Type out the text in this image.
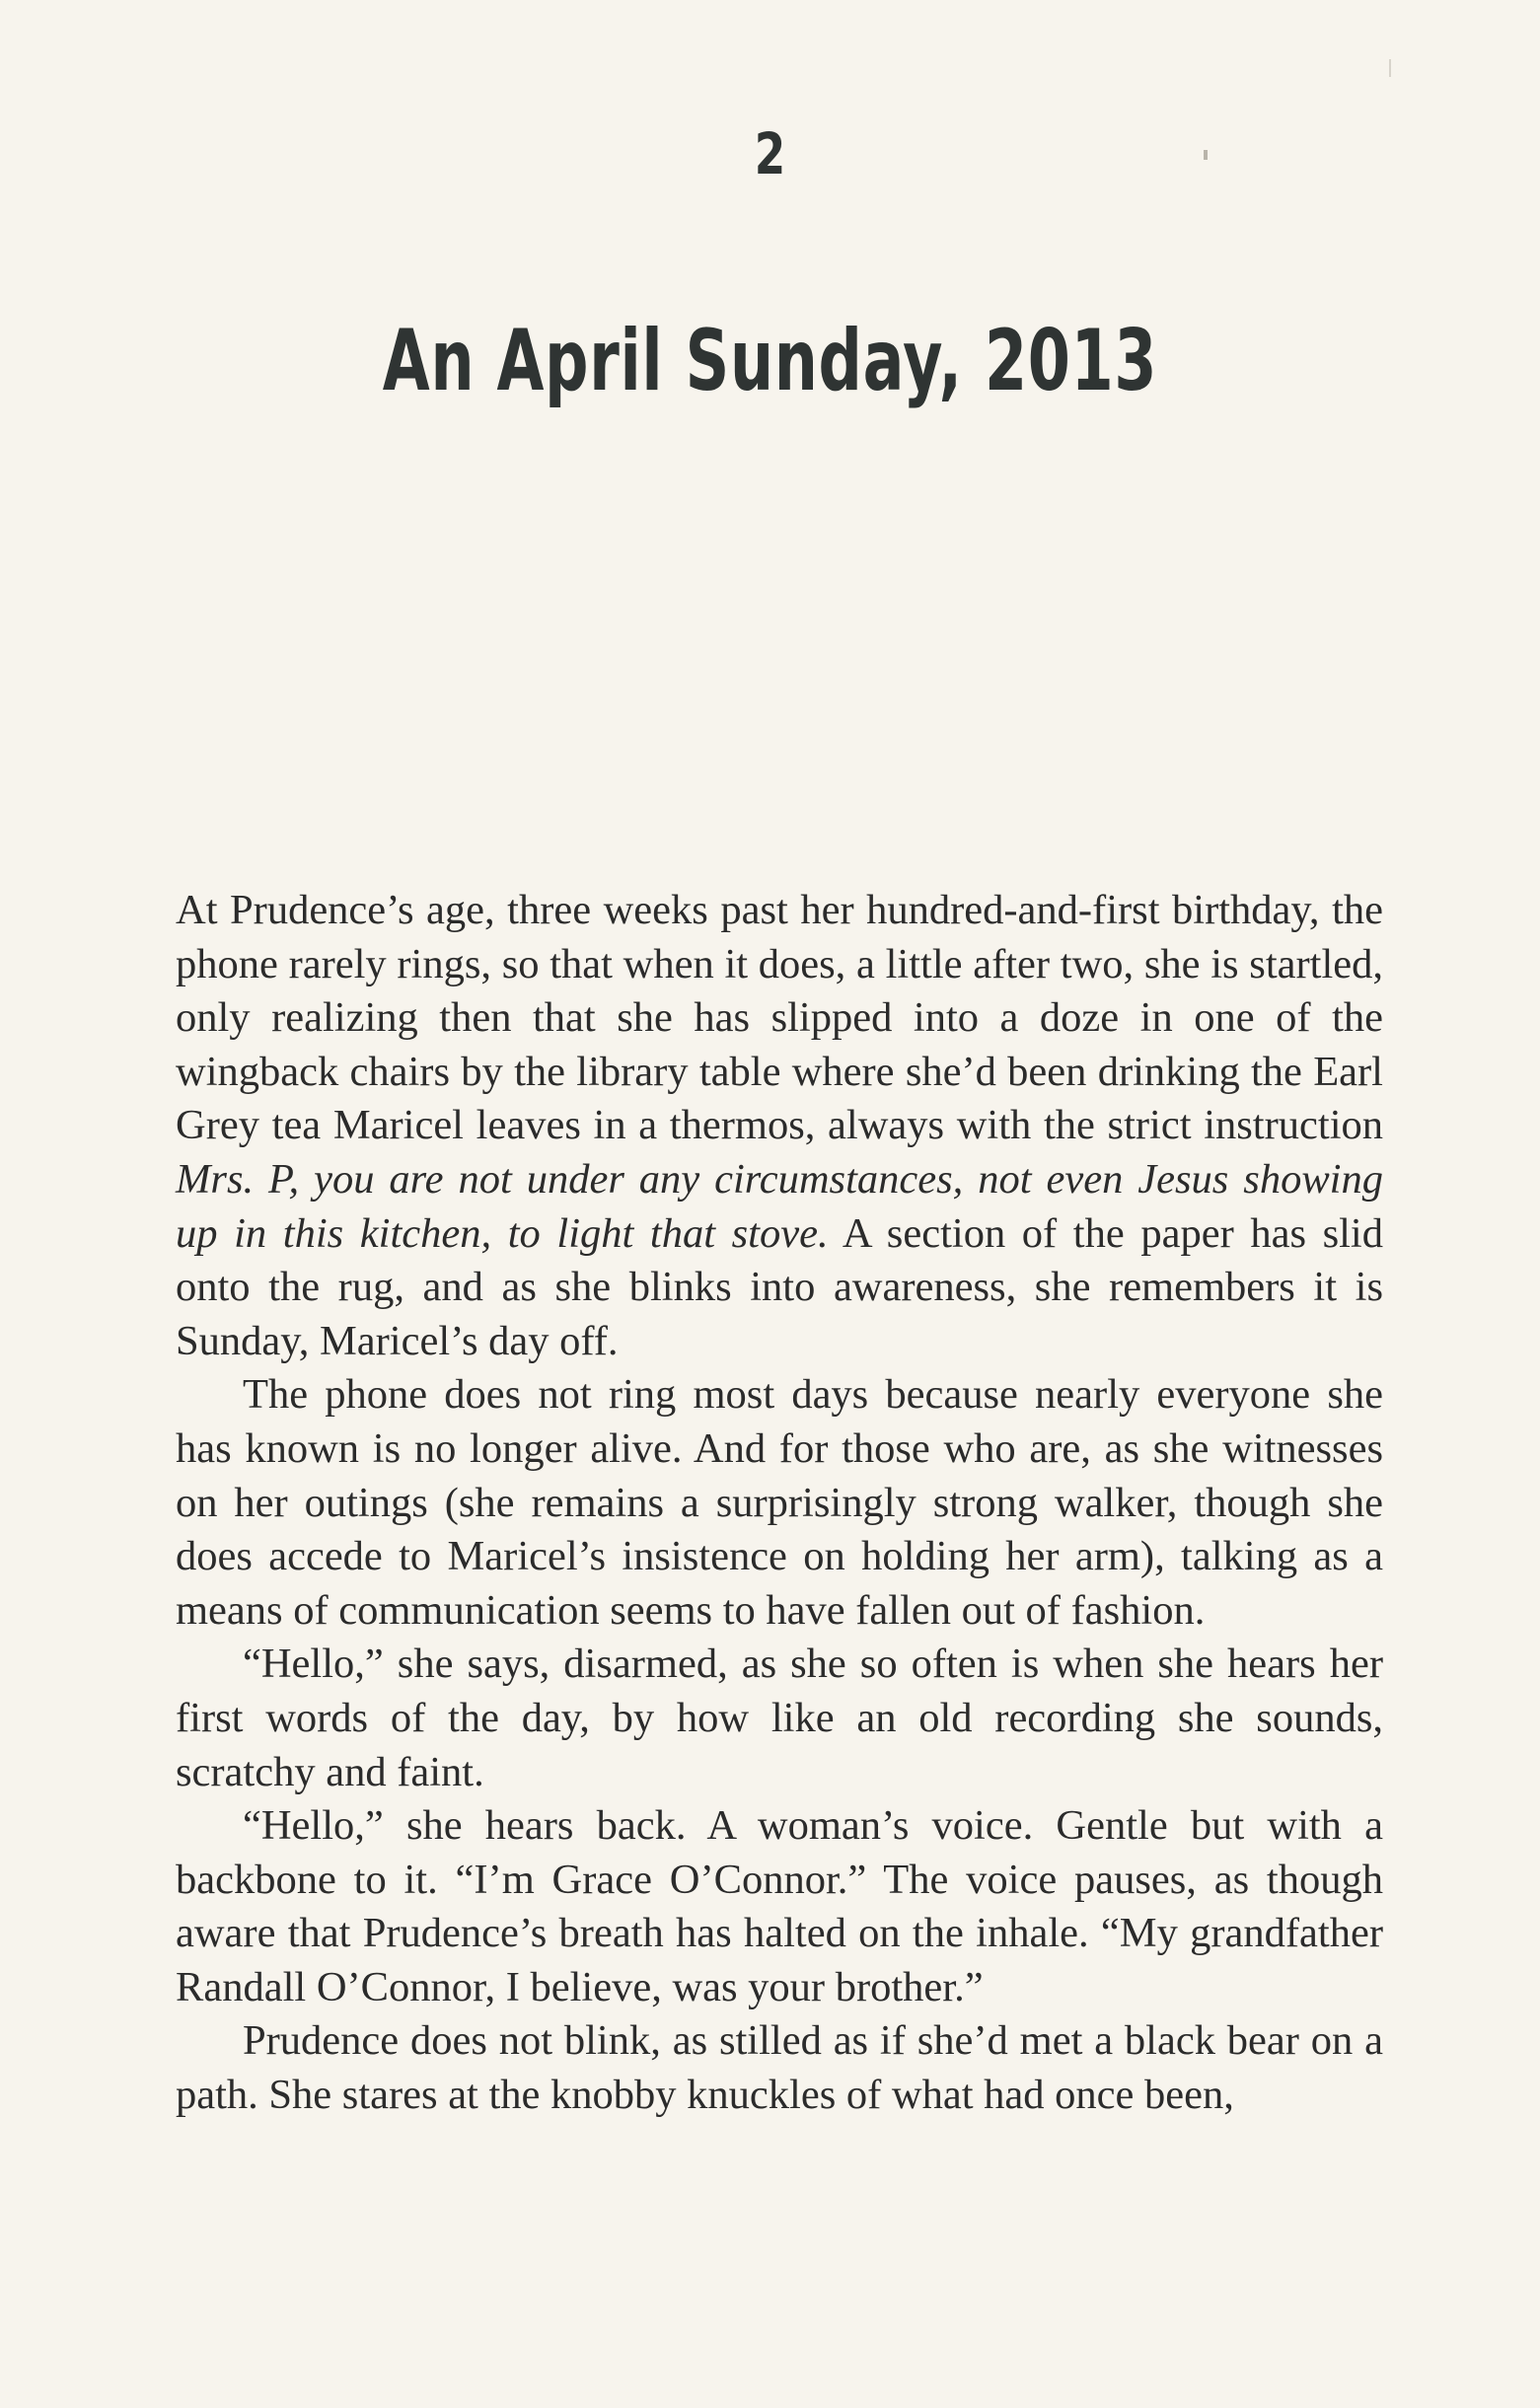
2
An April Sunday, 2013

At Prudence’s age, three weeks past her hundred-and-first birthday, the phone rarely rings, so that when it does, a little after two, she is startled, only realizing then that she has slipped into a doze in one of the wingback chairs by the library table where she’d been drinking the Earl Grey tea Maricel leaves in a thermos, always with the strict instruction Mrs. P, you are not under any circumstances, not even Jesus showing up in this kitchen, to light that stove. A section of the paper has slid onto the rug, and as she blinks into awareness, she remembers it is Sunday, Maricel’s day off.

The phone does not ring most days because nearly everyone she has known is no longer alive. And for those who are, as she witnesses on her outings (she remains a surprisingly strong walker, though she does accede to Maricel’s insistence on holding her arm), talking as a means of communication seems to have fallen out of fashion.

“Hello,” she says, disarmed, as she so often is when she hears her first words of the day, by how like an old recording she sounds, scratchy and faint.

“Hello,” she hears back. A woman’s voice. Gentle but with a backbone to it. “I’m Grace O’Connor.” The voice pauses, as though aware that Prudence’s breath has halted on the inhale. “My grandfather Randall O’Connor, I believe, was your brother.”

Prudence does not blink, as stilled as if she’d met a black bear on a path. She stares at the knobby knuckles of what had once been,
